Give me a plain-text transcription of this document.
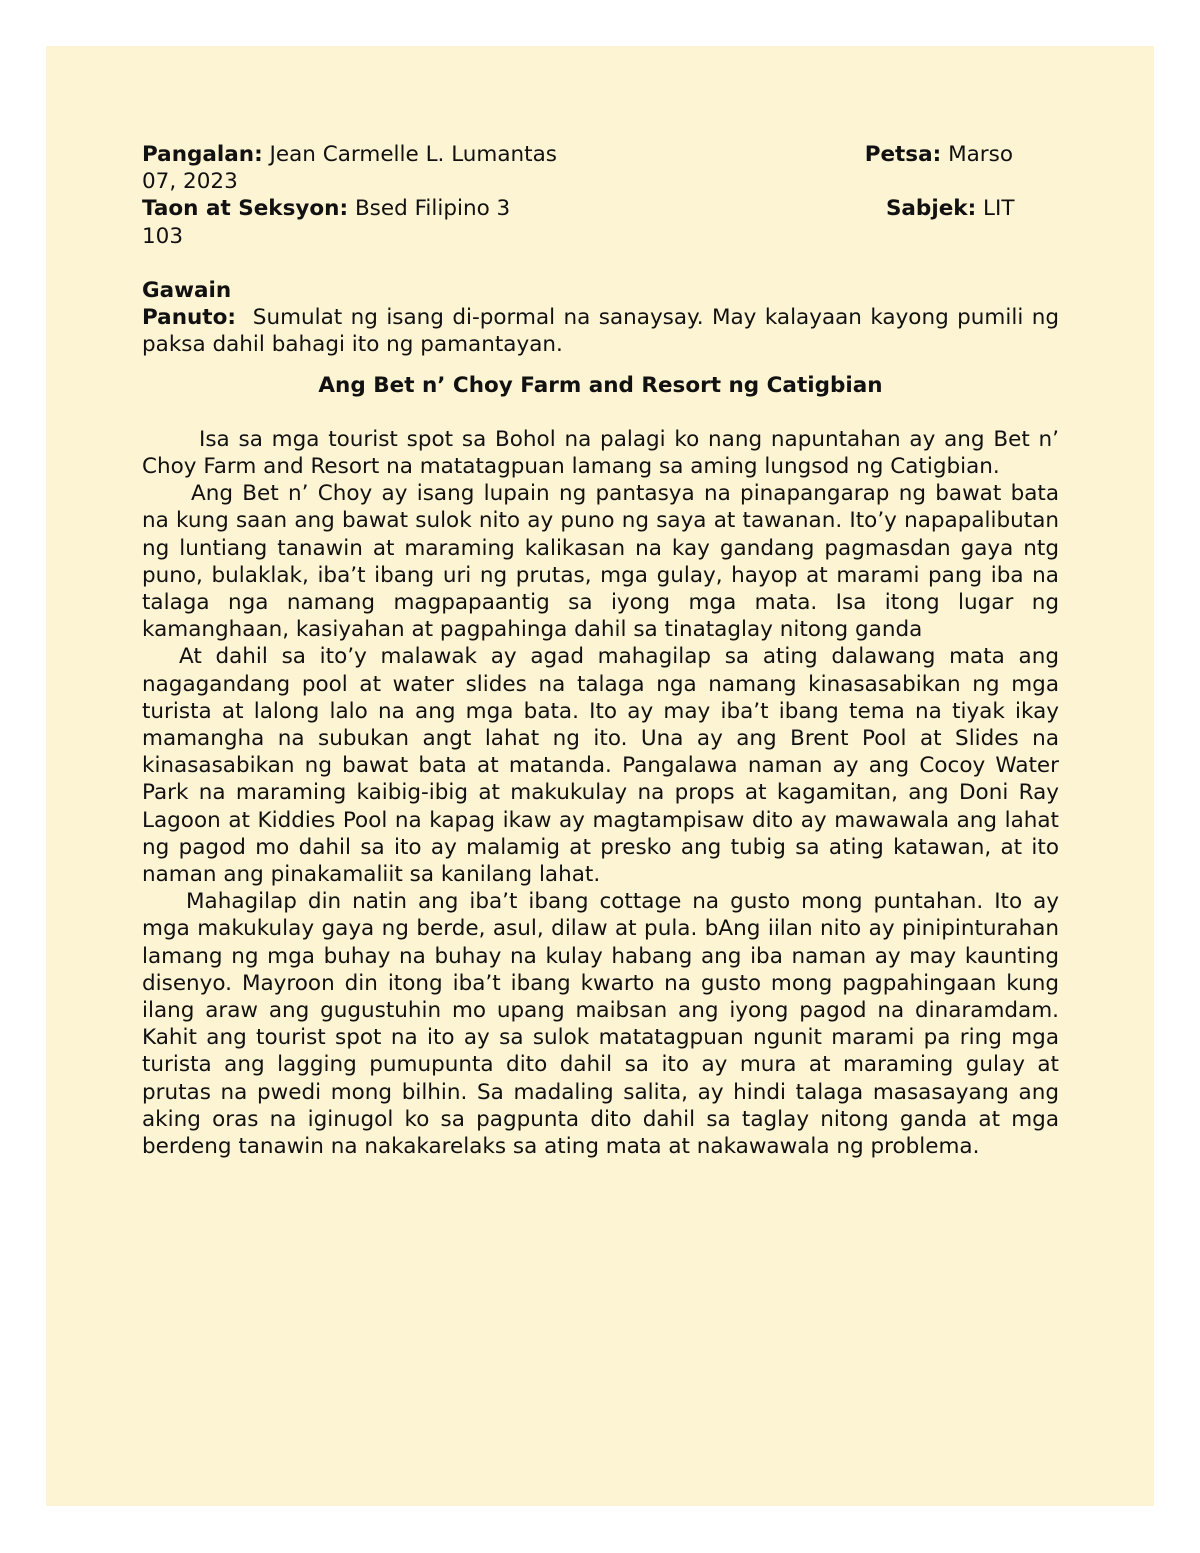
Pangalan: Jean Carmelle L. Lumantas	Petsa: Marso
07, 2023
Taon at Seksyon: Bsed Filipino 3	Sabjek: LIT
103
Gawain
Panuto: Sumulat ng isang di-pormal na sanaysay. May kalayaan kayong pumili ng paksa dahil bahagi ito ng pamantayan.
Ang Bet n’ Choy Farm and Resort ng Catigbian

Isa sa mga tourist spot sa Bohol na palagi ko nang napuntahan ay ang Bet n’ Choy Farm and Resort na matatagpuan lamang sa aming lungsod ng Catigbian.

Ang Bet n’ Choy ay isang lupain ng pantasya na pinapangarap ng bawat bata na kung saan ang bawat sulok nito ay puno ng saya at tawanan. Ito’y napapalibutan ng luntiang tanawin at maraming kalikasan na kay gandang pagmasdan gaya ntg puno, bulaklak, iba’t ibang uri ng prutas, mga gulay, hayop at marami pang iba na talaga nga namang magpapaantig sa iyong mga mata. Isa itong lugar ng kamanghaan, kasiyahan at pagpahinga dahil sa tinataglay nitong ganda

At dahil sa ito’y malawak ay agad mahagilap sa ating dalawang mata ang nagagandang pool at water slides na talaga nga namang kinasasabikan ng mga turista at lalong lalo na ang mga bata. Ito ay may iba’t ibang tema na tiyak ikay mamangha na subukan angt lahat ng ito. Una ay ang Brent Pool at Slides na kinasasabikan ng bawat bata at matanda. Pangalawa naman ay ang Cocoy Water Park na maraming kaibig-ibig at makukulay na props at kagamitan, ang Doni Ray Lagoon at Kiddies Pool na kapag ikaw ay magtampisaw dito ay mawawala ang lahat ng pagod mo dahil sa ito ay malamig at presko ang tubig sa ating katawan, at ito naman ang pinakamaliit sa kanilang lahat.

Mahagilap din natin ang iba’t ibang cottage na gusto mong puntahan. Ito ay mga makukulay gaya ng berde, asul, dilaw at pula. bAng iilan nito ay pinipinturahan lamang ng mga buhay na buhay na kulay habang ang iba naman ay may kaunting disenyo. Mayroon din itong iba’t ibang kwarto na gusto mong pagpahingaan kung ilang araw ang gugustuhin mo upang maibsan ang iyong pagod na dinaramdam. Kahit ang tourist spot na ito ay sa sulok matatagpuan ngunit marami pa ring mga turista ang lagging pumupunta dito dahil sa ito ay mura at maraming gulay at prutas na pwedi mong bilhin. Sa madaling salita, ay hindi talaga masasayang ang aking oras na iginugol ko sa pagpunta dito dahil sa taglay nitong ganda at mga berdeng tanawin na nakakarelaks sa ating mata at nakawawala ng problema.
